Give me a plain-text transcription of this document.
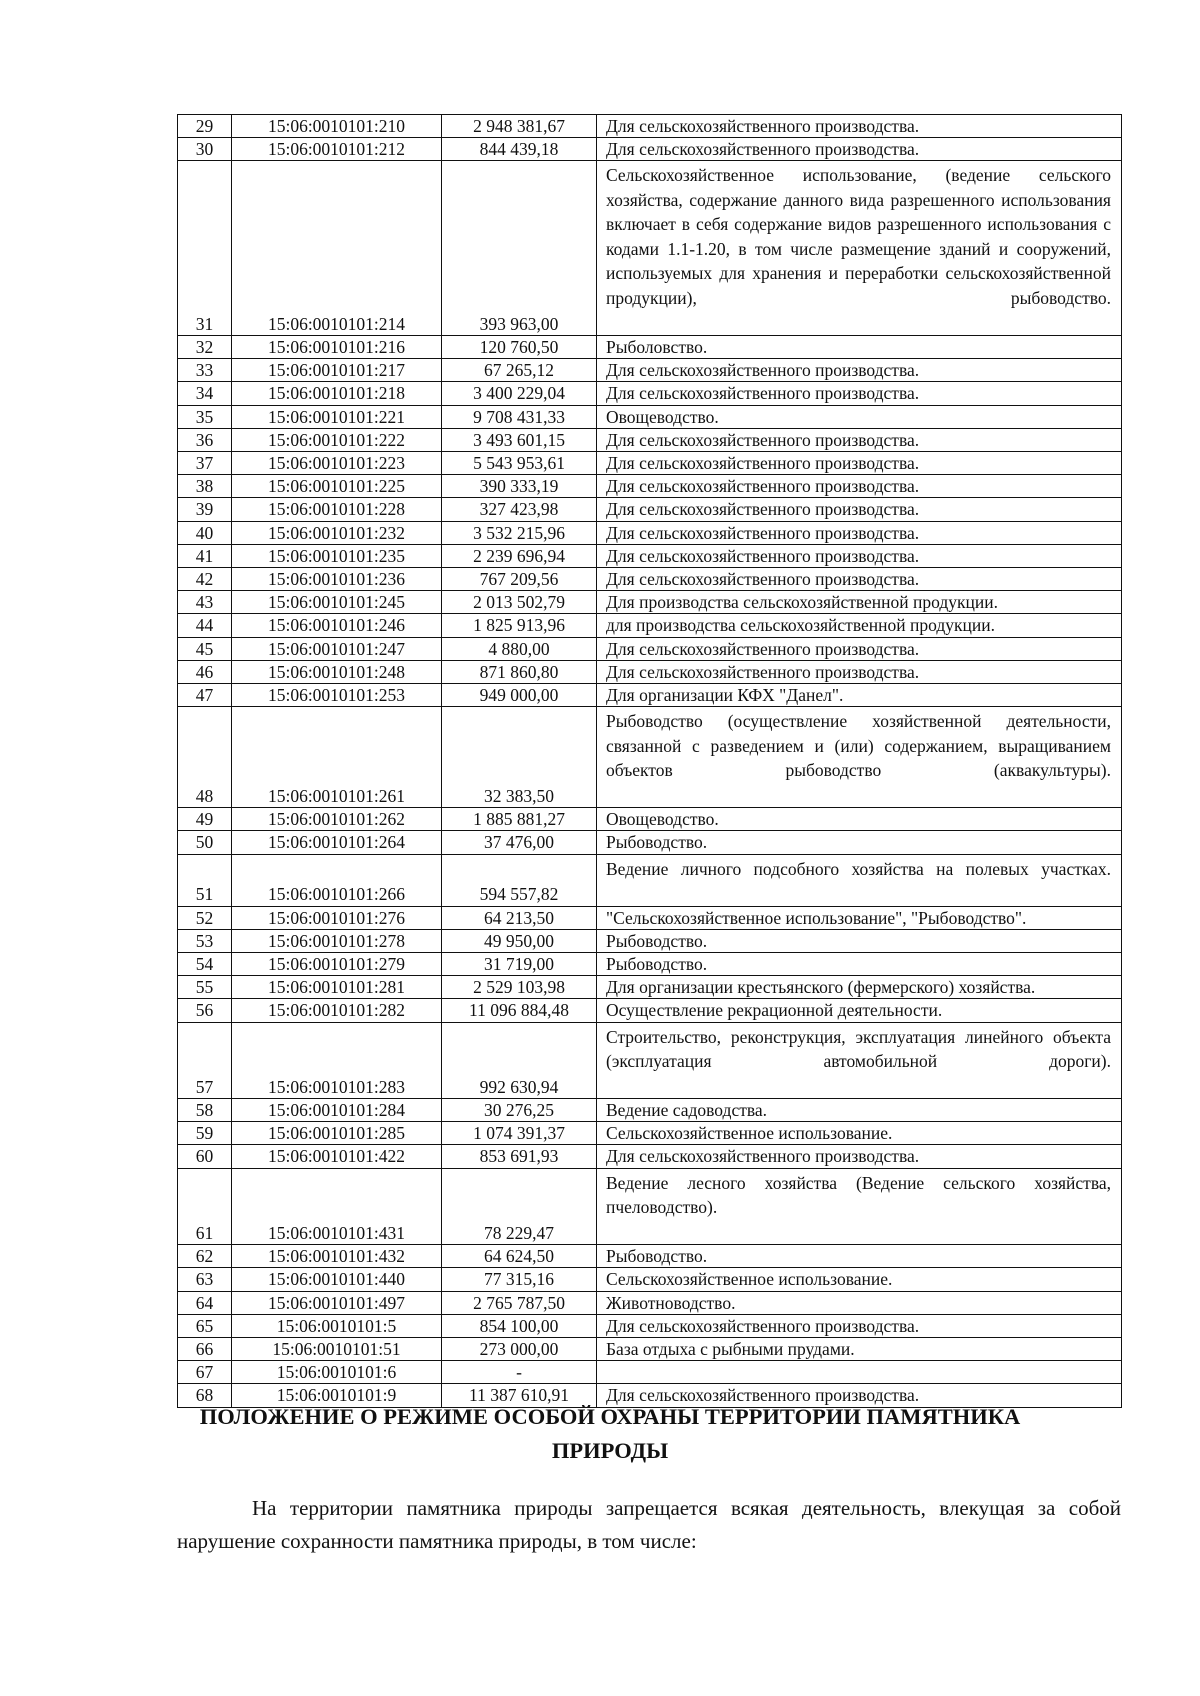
29	15:06:0010101:210	2 948 381,67	Для сельскохозяйственного производства.
30	15:06:0010101:212	844 439,18	Для сельскохозяйственного производства.
31	15:06:0010101:214	393 963,00	Сельскохозяйственное использование, (ведение сельского хозяйства, содержание данного вида разрешенного использования включает в себя содержание видов разрешенного использования с кодами 1.1-1.20, в том числе размещение зданий и сооружений, используемых для хранения и переработки сельскохозяйственной продукции), рыбоводство.
32	15:06:0010101:216	120 760,50	Рыболовство.
33	15:06:0010101:217	67 265,12	Для сельскохозяйственного производства.
34	15:06:0010101:218	3 400 229,04	Для сельскохозяйственного производства.
35	15:06:0010101:221	9 708 431,33	Овощеводство.
36	15:06:0010101:222	3 493 601,15	Для сельскохозяйственного производства.
37	15:06:0010101:223	5 543 953,61	Для сельскохозяйственного производства.
38	15:06:0010101:225	390 333,19	Для сельскохозяйственного производства.
39	15:06:0010101:228	327 423,98	Для сельскохозяйственного производства.
40	15:06:0010101:232	3 532 215,96	Для сельскохозяйственного производства.
41	15:06:0010101:235	2 239 696,94	Для сельскохозяйственного производства.
42	15:06:0010101:236	767 209,56	Для сельскохозяйственного производства.
43	15:06:0010101:245	2 013 502,79	Для производства сельскохозяйственной продукции.
44	15:06:0010101:246	1 825 913,96	для производства сельскохозяйственной продукции.
45	15:06:0010101:247	4 880,00	Для сельскохозяйственного производства.
46	15:06:0010101:248	871 860,80	Для сельскохозяйственного производства.
47	15:06:0010101:253	949 000,00	Для организации КФХ "Данел".
48	15:06:0010101:261	32 383,50	Рыбоводство (осуществление хозяйственной деятельности, связанной с разведением и (или) содержанием, выращиванием объектов рыбоводство (аквакультуры).
49	15:06:0010101:262	1 885 881,27	Овощеводство.
50	15:06:0010101:264	37 476,00	Рыбоводство.
51	15:06:0010101:266	594 557,82	Ведение личного подсобного хозяйства на полевых участках.
52	15:06:0010101:276	64 213,50	"Сельскохозяйственное использование", "Рыбоводство".
53	15:06:0010101:278	49 950,00	Рыбоводство.
54	15:06:0010101:279	31 719,00	Рыбоводство.
55	15:06:0010101:281	2 529 103,98	Для организации крестьянского (фермерского) хозяйства.
56	15:06:0010101:282	11 096 884,48	Осуществление рекрационной деятельности.
57	15:06:0010101:283	992 630,94	Строительство, реконструкция, эксплуатация линейного объекта (эксплуатация автомобильной дороги).
58	15:06:0010101:284	30 276,25	Ведение садоводства.
59	15:06:0010101:285	1 074 391,37	Сельскохозяйственное использование.
60	15:06:0010101:422	853 691,93	Для сельскохозяйственного производства.
61	15:06:0010101:431	78 229,47	Ведение лесного хозяйства (Ведение сельского хозяйства, пчеловодство).
62	15:06:0010101:432	64 624,50	Рыбоводство.
63	15:06:0010101:440	77 315,16	Сельскохозяйственное использование.
64	15:06:0010101:497	2 765 787,50	Животноводство.
65	15:06:0010101:5	854 100,00	Для сельскохозяйственного производства.
66	15:06:0010101:51	273 000,00	База отдыха с рыбными прудами.
67	15:06:0010101:6	-	
68	15:06:0010101:9	11 387 610,91	Для сельскохозяйственного производства.
ПОЛОЖЕНИЕ О РЕЖИМЕ ОСОБОЙ ОХРАНЫ ТЕРРИТОРИИ ПАМЯТНИКА ПРИРОДЫ
На территории памятника природы запрещается всякая деятельность, влекущая за собой нарушение сохранности памятника природы, в том числе:
